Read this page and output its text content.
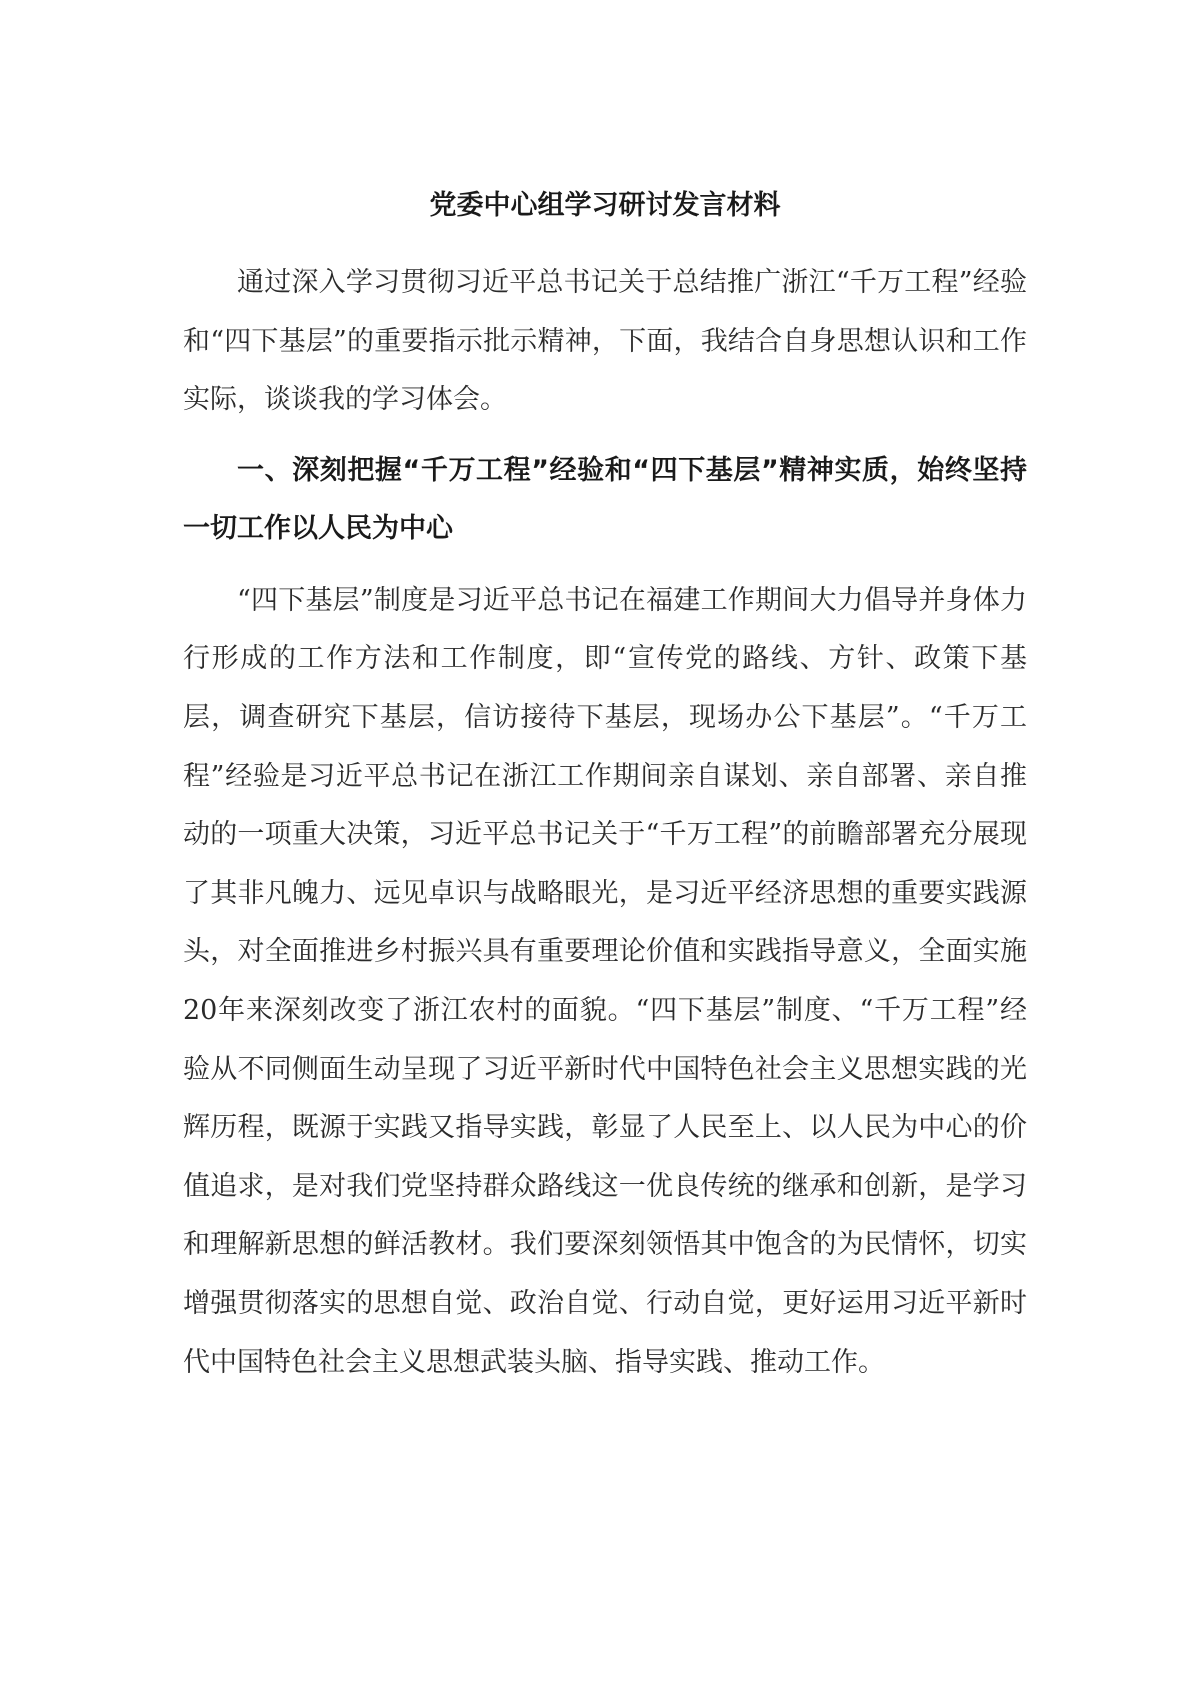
党委中心组学习研讨发言材料

通过深入学习贯彻习近平总书记关于总结推广浙江“千万工程”经验和“四下基层”的重要指示批示精神，下面，我结合自身思想认识和工作实际，谈谈我的学习体会。

一、深刻把握“千万工程”经验和“四下基层”精神实质，始终坚持一切工作以人民为中心

“四下基层”制度是习近平总书记在福建工作期间大力倡导并身体力行形成的工作方法和工作制度，即“宣传党的路线、方针、政策下基层，调查研究下基层，信访接待下基层，现场办公下基层”。“千万工程”经验是习近平总书记在浙江工作期间亲自谋划、亲自部署、亲自推动的一项重大决策，习近平总书记关于“千万工程”的前瞻部署充分展现了其非凡魄力、远见卓识与战略眼光，是习近平经济思想的重要实践源头，对全面推进乡村振兴具有重要理论价值和实践指导意义，全面实施20年来深刻改变了浙江农村的面貌。“四下基层”制度、“千万工程”经验从不同侧面生动呈现了习近平新时代中国特色社会主义思想实践的光辉历程，既源于实践又指导实践，彰显了人民至上、以人民为中心的价值追求，是对我们党坚持群众路线这一优良传统的继承和创新，是学习和理解新思想的鲜活教材。我们要深刻领悟其中饱含的为民情怀，切实增强贯彻落实的思想自觉、政治自觉、行动自觉，更好运用习近平新时代中国特色社会主义思想武装头脑、指导实践、推动工作。
